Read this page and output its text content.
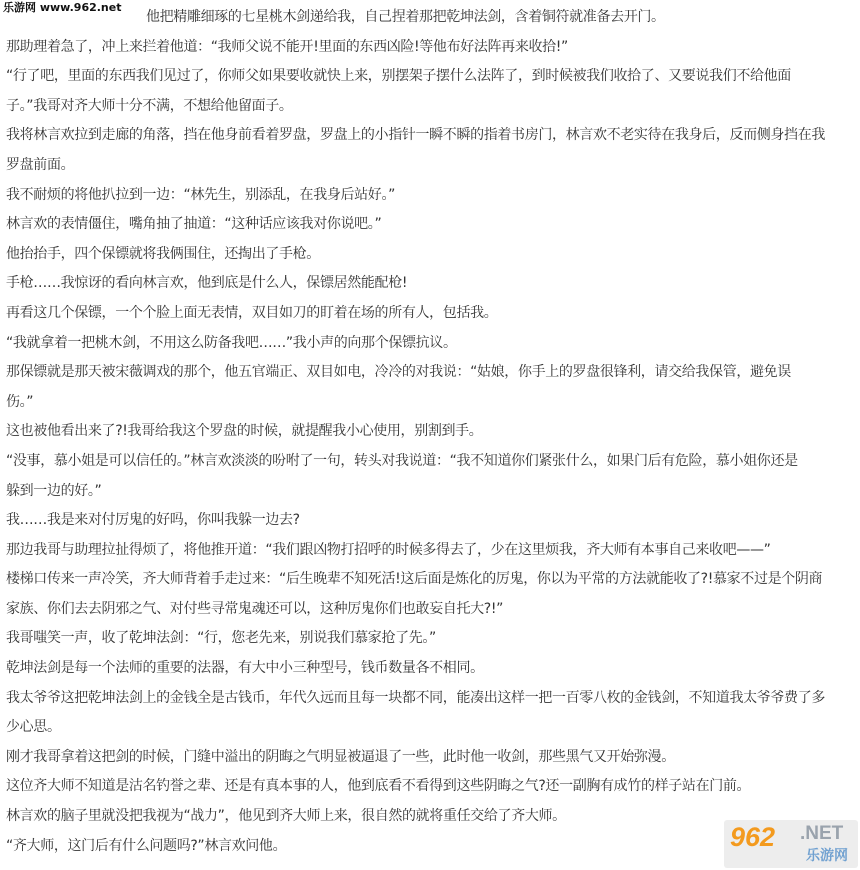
他把精雕细琢的七星桃木剑递给我，自己捏着那把乾坤法剑，含着铜符就准备去开门。
那助理着急了，冲上来拦着他道：“我师父说不能开!里面的东西凶险!等他布好法阵再来收拾!”
“行了吧，里面的东西我们见过了，你师父如果要收就快上来，别摆架子摆什么法阵了，到时候被我们收拾了、又要说我们不给他面
子。”我哥对齐大师十分不满，不想给他留面子。
我将林言欢拉到走廊的角落，挡在他身前看着罗盘，罗盘上的小指针一瞬不瞬的指着书房门，林言欢不老实待在我身后，反而侧身挡在我
罗盘前面。
我不耐烦的将他扒拉到一边：“林先生，别添乱，在我身后站好。”
林言欢的表情僵住，嘴角抽了抽道：“这种话应该我对你说吧。”
他抬抬手，四个保镖就将我俩围住，还掏出了手枪。
手枪……我惊讶的看向林言欢，他到底是什么人，保镖居然能配枪!
再看这几个保镖，一个个脸上面无表情，双目如刀的盯着在场的所有人，包括我。
“我就拿着一把桃木剑，不用这么防备我吧……”我小声的向那个保镖抗议。
那保镖就是那天被宋薇调戏的那个，他五官端正、双目如电，冷冷的对我说：“姑娘，你手上的罗盘很锋利，请交给我保管，避免误
伤。”
这也被他看出来了?!我哥给我这个罗盘的时候，就提醒我小心使用，别割到手。
“没事，慕小姐是可以信任的。”林言欢淡淡的吩咐了一句，转头对我说道：“我不知道你们紧张什么，如果门后有危险，慕小姐你还是
躲到一边的好。”
我……我是来对付厉鬼的好吗，你叫我躲一边去?
那边我哥与助理拉扯得烦了，将他推开道：“我们跟凶物打招呼的时候多得去了，少在这里烦我，齐大师有本事自己来收吧——”
楼梯口传来一声冷笑，齐大师背着手走过来：“后生晚辈不知死活!这后面是炼化的厉鬼，你以为平常的方法就能收了?!慕家不过是个阴商
家族、你们去去阴邪之气、对付些寻常鬼魂还可以，这种厉鬼你们也敢妄自托大?!”
我哥嗤笑一声，收了乾坤法剑：“行，您老先来，别说我们慕家抢了先。”
乾坤法剑是每一个法师的重要的法器，有大中小三种型号，钱币数量各不相同。
我太爷爷这把乾坤法剑上的金钱全是古钱币，年代久远而且每一块都不同，能凑出这样一把一百零八枚的金钱剑，不知道我太爷爷费了多
少心思。
刚才我哥拿着这把剑的时候，门缝中溢出的阴晦之气明显被逼退了一些，此时他一收剑，那些黑气又开始弥漫。
这位齐大师不知道是沽名钓誉之辈、还是有真本事的人，他到底看不看得到这些阴晦之气?还一副胸有成竹的样子站在门前。
林言欢的脑子里就没把我视为“战力”，他见到齐大师上来，很自然的就将重任交给了齐大师。
“齐大师，这门后有什么问题吗?”林言欢问他。
乐游网 www.962.net
962 .NET
乐游网
